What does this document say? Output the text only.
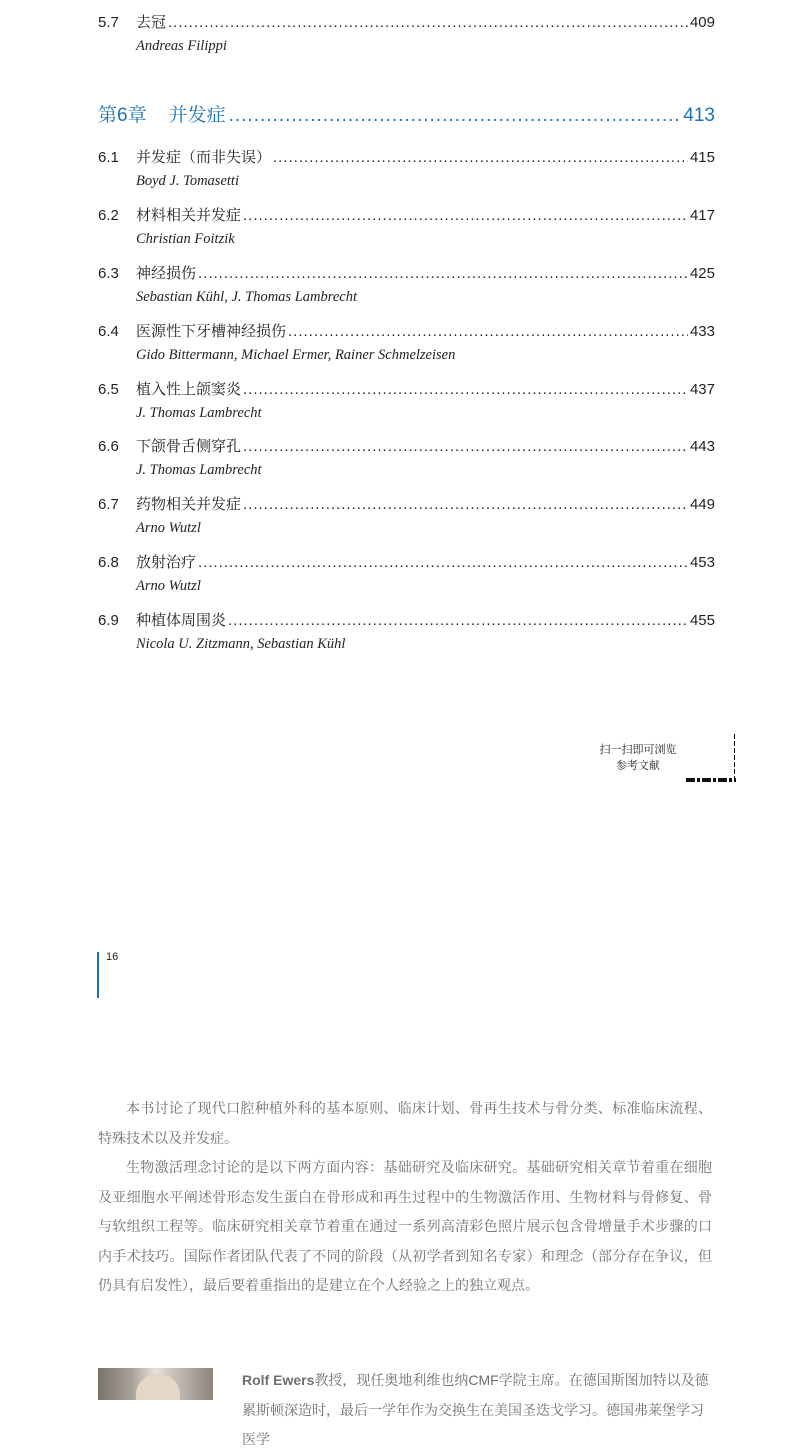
5.7	去冠 .....	409
Andreas Filippi
第6章 并发症 .....	413
6.1	并发症（而非失误） .....	415
Boyd J. Tomasetti
6.2	材料相关并发症 .....	417
Christian Foitzik
6.3	神经损伤 .....	425
Sebastian Kühl, J. Thomas Lambrecht
6.4	医源性下牙槽神经损伤 .....	433
Gido Bittermann, Michael Ermer, Rainer Schmelzeisen
6.5	植入性上颌窦炎 .....	437
J. Thomas Lambrecht
6.6	下颌骨舌侧穿孔 .....	443
J. Thomas Lambrecht
6.7	药物相关并发症 .....	449
Arno Wutzl
6.8	放射治疗 .....	453
Arno Wutzl
6.9	种植体周围炎 .....	455
Nicola U. Zitzmann, Sebastian Kühl
扫一扫即可浏览
参考文献
16

本书讨论了现代口腔种植外科的基本原则、临床计划、骨再生技术与骨分类、标准临床流程、特殊技术以及并发症。

生物激活理念讨论的是以下两方面内容：基础研究及临床研究。基础研究相关章节着重在细胞及亚细胞水平阐述骨形态发生蛋白在骨形成和再生过程中的生物激活作用、生物材料与骨修复、骨与软组织工程等。临床研究相关章节着重在通过一系列高清彩色照片展示包含骨增量手术步骤的口内手术技巧。国际作者团队代表了不同的阶段（从初学者到知名专家）和理念（部分存在争议，但仍具有启发性），最后要着重指出的是建立在个人经验之上的独立观点。

Rolf Ewers教授，现任奥地利维也纳CMF学院主席。在德国斯图加特以及德累斯顿深造时，最后一学年作为交换生在美国圣迭戈学习。德国弗莱堡学习医学
